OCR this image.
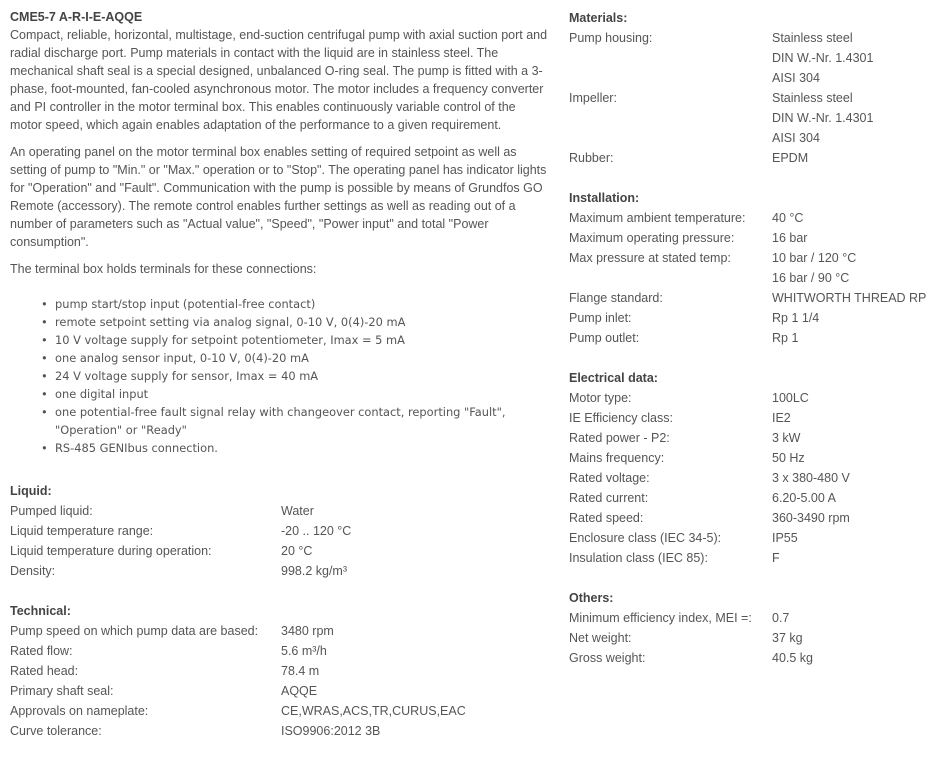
CME5-7 A-R-I-E-AQQE

Compact, reliable, horizontal, multistage, end-suction centrifugal pump with axial suction port and radial discharge port. Pump materials in contact with the liquid are in stainless steel. The mechanical shaft seal is a special designed, unbalanced O-ring seal. The pump is fitted with a 3-phase, foot-mounted, fan-cooled asynchronous motor. The motor includes a frequency converter and PI controller in the motor terminal box. This enables continuously variable control of the motor speed, which again enables adaptation of the performance to a given requirement.

An operating panel on the motor terminal box enables setting of required setpoint as well as setting of pump to "Min." or "Max." operation or to "Stop". The operating panel has indicator lights for "Operation" and "Fault". Communication with the pump is possible by means of Grundfos GO Remote (accessory). The remote control enables further settings as well as reading out of a number of parameters such as "Actual value", "Speed", "Power input" and total "Power consumption".

The terminal box holds terminals for these connections:

• pump start/stop input (potential-free contact)
• remote setpoint setting via analog signal, 0-10 V, 0(4)-20 mA
• 10 V voltage supply for setpoint potentiometer, Imax = 5 mA
• one analog sensor input, 0-10 V, 0(4)-20 mA
• 24 V voltage supply for sensor, Imax = 40 mA
• one digital input
• one potential-free fault signal relay with changeover contact, reporting "Fault", "Operation" or "Ready"
• RS-485 GENIbus connection.
Liquid:
Pumped liquid:	Water
Liquid temperature range:	-20 .. 120 °C
Liquid temperature during operation:	20 °C
Density:	998.2 kg/m³
Technical:
Pump speed on which pump data are based:	3480 rpm
Rated flow:	5.6 m³/h
Rated head:	78.4 m
Primary shaft seal:	AQQE
Approvals on nameplate:	CE,WRAS,ACS,TR,CURUS,EAC
Curve tolerance:	ISO9906:2012 3B
Materials:
Pump housing:	Stainless steel
DIN W.-Nr. 1.4301
AISI 304
Impeller:	Stainless steel
DIN W.-Nr. 1.4301
AISI 304
Rubber:	EPDM
Installation:
Maximum ambient temperature:	40 °C
Maximum operating pressure:	16 bar
Max pressure at stated temp:	10 bar / 120 °C
16 bar / 90 °C
Flange standard:	WHITWORTH THREAD RP
Pump inlet:	Rp 1 1/4
Pump outlet:	Rp 1
Electrical data:
Motor type:	100LC
IE Efficiency class:	IE2
Rated power - P2:	3 kW
Mains frequency:	50 Hz
Rated voltage:	3 x 380-480 V
Rated current:	6.20-5.00 A
Rated speed:	360-3490 rpm
Enclosure class (IEC 34-5):	IP55
Insulation class (IEC 85):	F
Others:
Minimum efficiency index, MEI =:	0.7
Net weight:	37 kg
Gross weight:	40.5 kg
